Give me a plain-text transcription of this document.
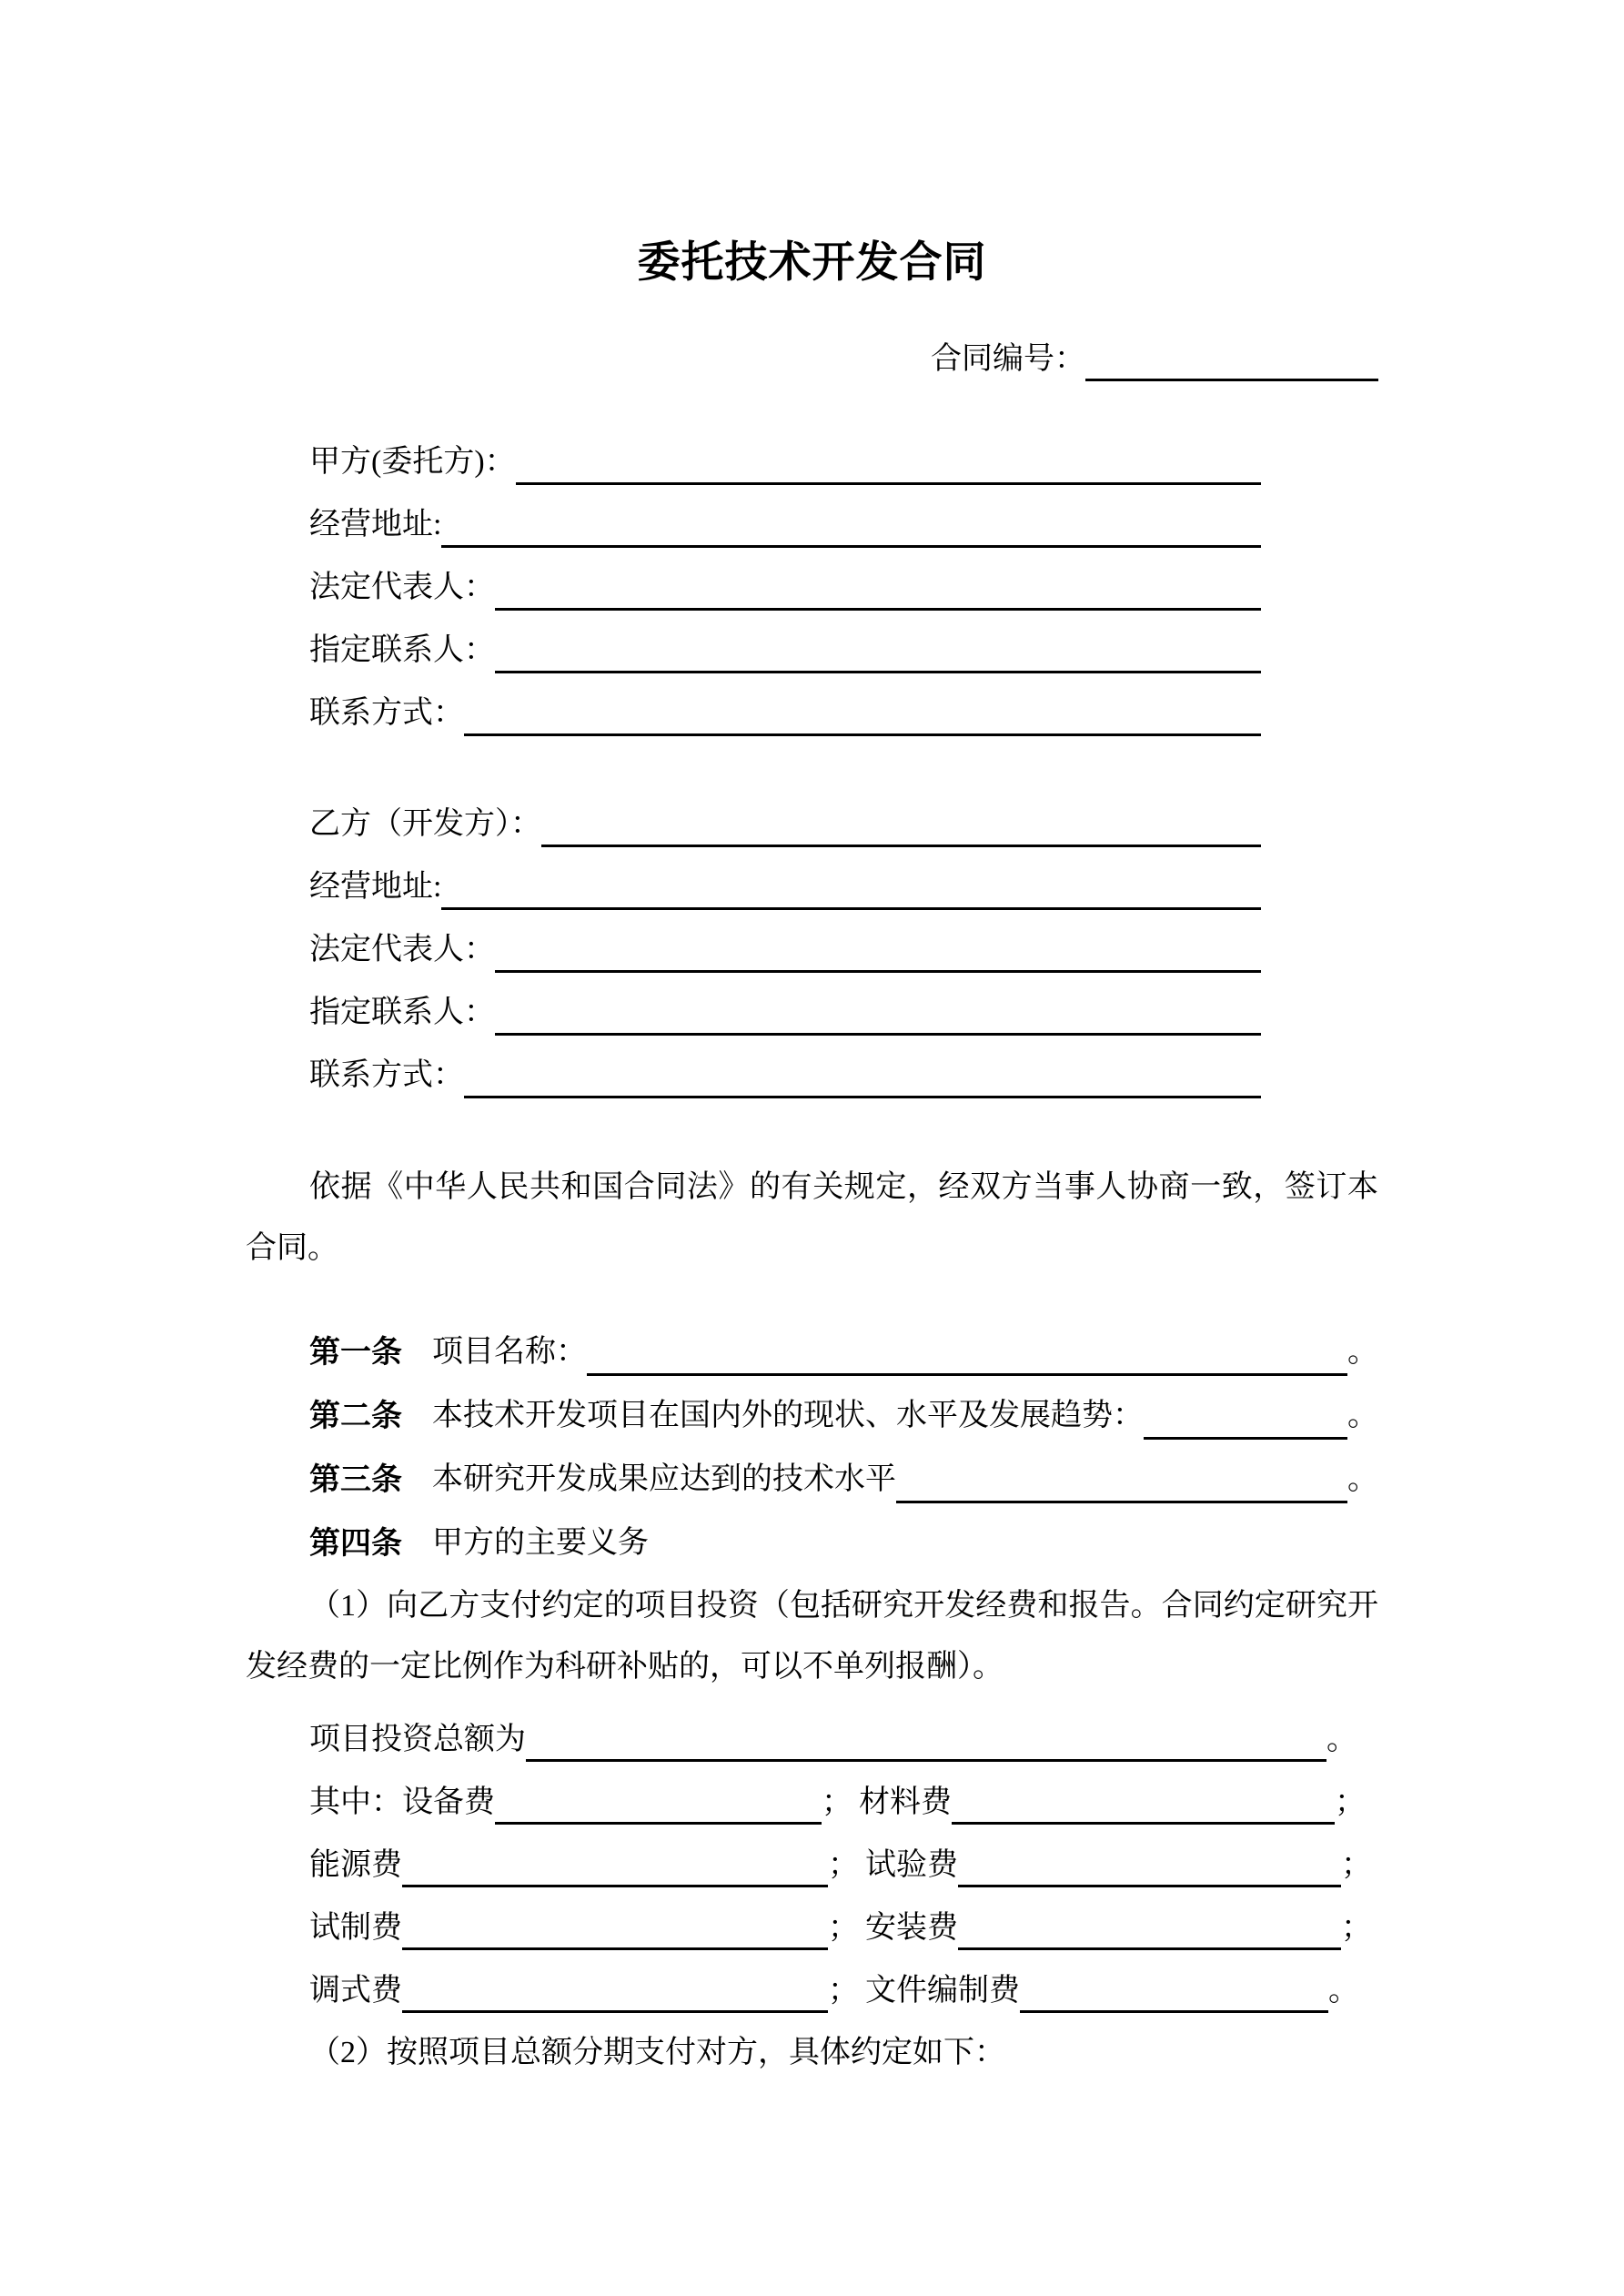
委托技术开发合同
合同编号：
甲方(委托方)：
经营地址:
法定代表人：
指定联系人：
联系方式：
乙方（开发方）：
经营地址:
法定代表人：
指定联系人：
联系方式：

依据《中华人民共和国合同法》的有关规定，经双方当事人协商一致，签订本合同。

第一条 项目名称：	。
第二条 本技术开发项目在国内外的现状、水平及发展趋势：	。
第三条 本研究开发成果应达到的技术水平	。
第四条 甲方的主要义务

（1）向乙方支付约定的项目投资（包括研究开发经费和报告。合同约定研究开发经费的一定比例作为科研补贴的，可以不单列报酬）。

项目投资总额为	。
其中：设备费	； 材料费	；
能源费	； 试验费	；
试制费	； 安装费	；
调式费	； 文件编制费	。

（2）按照项目总额分期支付对方，具体约定如下：
